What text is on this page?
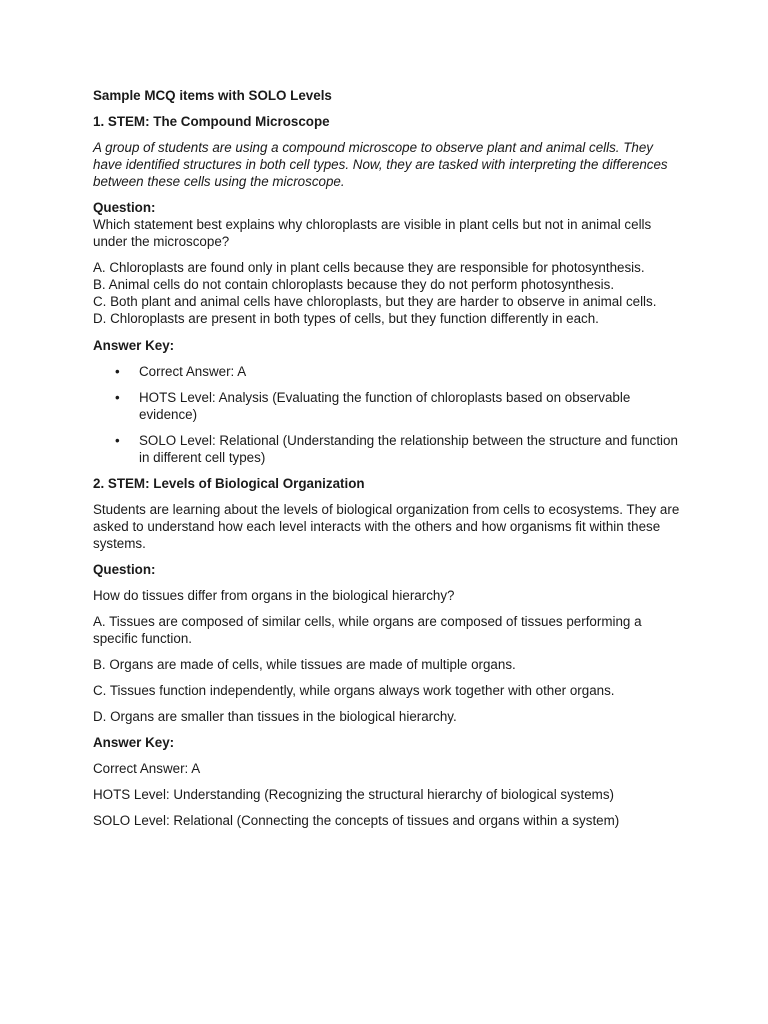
Sample MCQ items with SOLO Levels

1. STEM: The Compound Microscope

A group of students are using a compound microscope to observe plant and animal cells. They have identified structures in both cell types. Now, they are tasked with interpreting the differences between these cells using the microscope.

Question:

Which statement best explains why chloroplasts are visible in plant cells but not in animal cells under the microscope?

A. Chloroplasts are found only in plant cells because they are responsible for photosynthesis.

B. Animal cells do not contain chloroplasts because they do not perform photosynthesis.

C. Both plant and animal cells have chloroplasts, but they are harder to observe in animal cells.

D. Chloroplasts are present in both types of cells, but they function differently in each.

Answer Key:

• Correct Answer: A
• HOTS Level: Analysis (Evaluating the function of chloroplasts based on observable evidence)
• SOLO Level: Relational (Understanding the relationship between the structure and function in different cell types)

2. STEM: Levels of Biological Organization

Students are learning about the levels of biological organization from cells to ecosystems. They are asked to understand how each level interacts with the others and how organisms fit within these systems.

Question:

How do tissues differ from organs in the biological hierarchy?

A. Tissues are composed of similar cells, while organs are composed of tissues performing a specific function.

B. Organs are made of cells, while tissues are made of multiple organs.

C. Tissues function independently, while organs always work together with other organs.

D. Organs are smaller than tissues in the biological hierarchy.

Answer Key:

Correct Answer: A

HOTS Level: Understanding (Recognizing the structural hierarchy of biological systems)

SOLO Level: Relational (Connecting the concepts of tissues and organs within a system)
